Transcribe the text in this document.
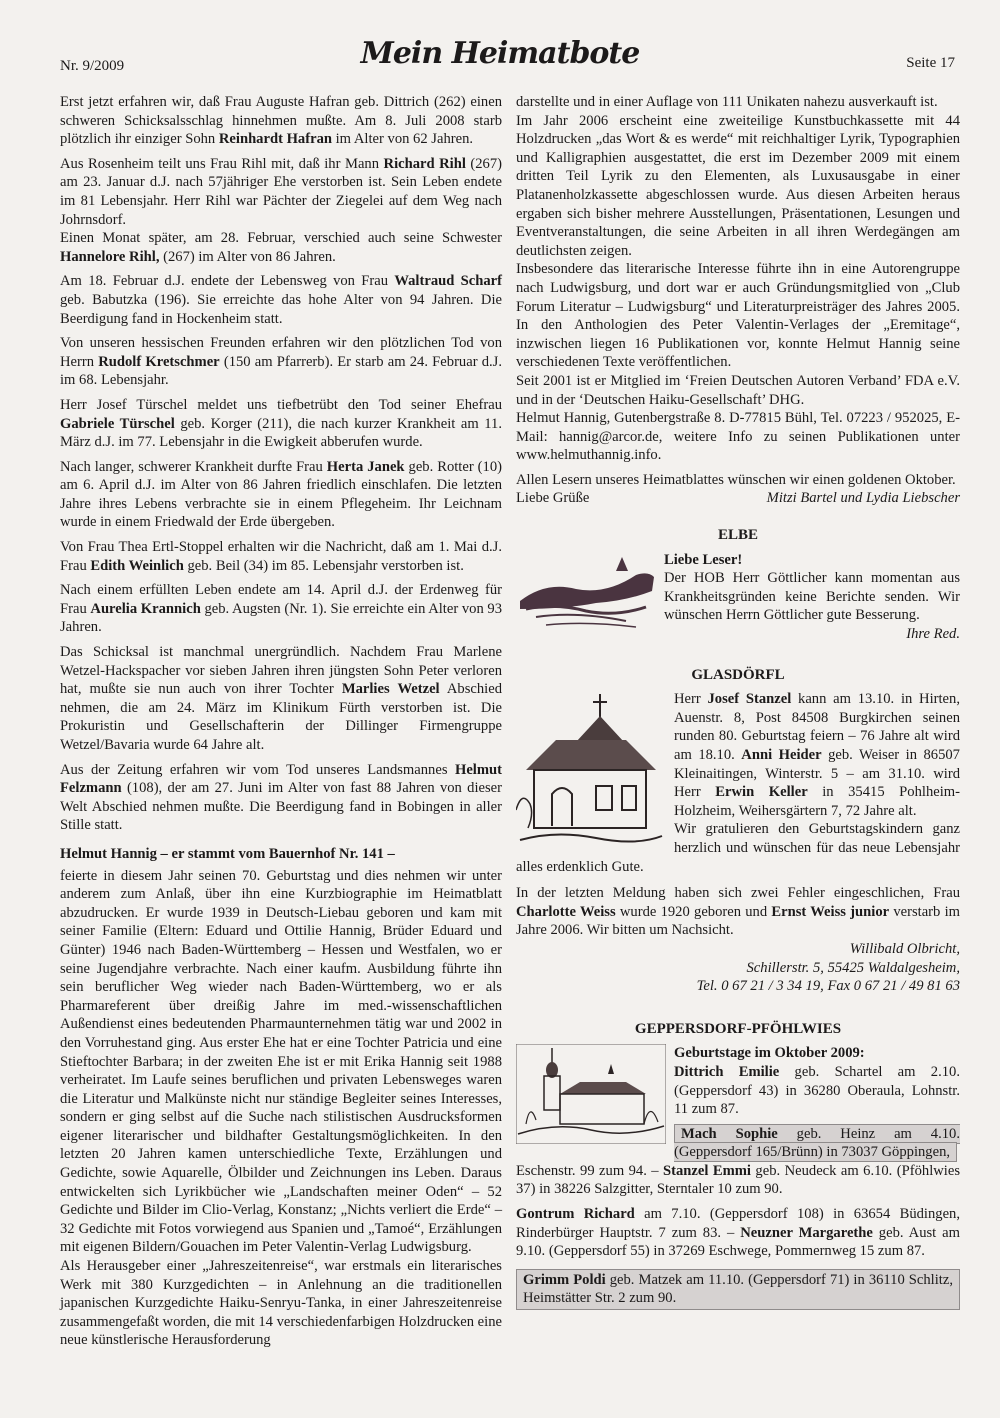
Nr. 9/2009	Mein Heimatbote	Seite 17

Erst jetzt erfahren wir, daß Frau Auguste Hafran geb. Dittrich (262) einen schweren Schicksalsschlag hinnehmen mußte. Am 8. Juli 2008 starb plötzlich ihr einziger Sohn Reinhardt Hafran im Alter von 62 Jahren.

Aus Rosenheim teilt uns Frau Rihl mit, daß ihr Mann Richard Rihl (267) am 23. Januar d.J. nach 57jähriger Ehe verstorben ist. Sein Leben endete im 81 Lebensjahr. Herr Rihl war Pächter der Ziegelei auf dem Weg nach Johrnsdorf.

Einen Monat später, am 28. Februar, verschied auch seine Schwester Hannelore Rihl, (267) im Alter von 86 Jahren.

Am 18. Februar d.J. endete der Lebensweg von Frau Waltraud Scharf geb. Babutzka (196). Sie erreichte das hohe Alter von 94 Jahren. Die Beerdigung fand in Hockenheim statt.

Von unseren hessischen Freunden erfahren wir den plötzlichen Tod von Herrn Rudolf Kretschmer (150 am Pfarrerb). Er starb am 24. Februar d.J. im 68. Lebensjahr.

Herr Josef Türschel meldet uns tiefbetrübt den Tod seiner Ehefrau Gabriele Türschel geb. Korger (211), die nach kurzer Krankheit am 11. März d.J. im 77. Lebensjahr in die Ewigkeit abberufen wurde.

Nach langer, schwerer Krankheit durfte Frau Herta Janek geb. Rotter (10) am 6. April d.J. im Alter von 86 Jahren friedlich einschlafen. Die letzten Jahre ihres Lebens verbrachte sie in einem Pflegeheim. Ihr Leichnam wurde in einem Friedwald der Erde übergeben.

Von Frau Thea Ertl-Stoppel erhalten wir die Nachricht, daß am 1. Mai d.J. Frau Edith Weinlich geb. Beil (34) im 85. Lebensjahr verstorben ist.

Nach einem erfüllten Leben endete am 14. April d.J. der Erdenweg für Frau Aurelia Krannich geb. Augsten (Nr. 1). Sie erreichte ein Alter von 93 Jahren.

Das Schicksal ist manchmal unergründlich. Nachdem Frau Marlene Wetzel-Hackspacher vor sieben Jahren ihren jüngsten Sohn Peter verloren hat, mußte sie nun auch von ihrer Tochter Marlies Wetzel Abschied nehmen, die am 24. März im Klinikum Fürth verstorben ist. Die Prokuristin und Gesellschafterin der Dillinger Firmengruppe Wetzel/Bavaria wurde 64 Jahre alt.

Aus der Zeitung erfahren wir vom Tod unseres Landsmannes Helmut Felzmann (108), der am 27. Juni im Alter von fast 88 Jahren von dieser Welt Abschied nehmen mußte. Die Beerdigung fand in Bobingen in aller Stille statt.

Helmut Hannig – er stammt vom Bauernhof Nr. 141 –

feierte in diesem Jahr seinen 70. Geburtstag und dies nehmen wir unter anderem zum Anlaß, über ihn eine Kurzbiographie im Heimatblatt abzudrucken. Er wurde 1939 in Deutsch-Liebau geboren und kam mit seiner Familie (Eltern: Eduard und Ottilie Hannig, Brüder Eduard und Günter) 1946 nach Baden-Württemberg – Hessen und Westfalen, wo er seine Jugendjahre verbrachte. Nach einer kaufm. Ausbildung führte ihn sein beruflicher Weg wieder nach Baden-Württemberg, wo er als Pharmareferent über dreißig Jahre im med.-wissenschaftlichen Außendienst eines bedeutenden Pharmaunternehmen tätig war und 2002 in den Vorruhestand ging. Aus erster Ehe hat er eine Tochter Patricia und eine Stieftochter Barbara; in der zweiten Ehe ist er mit Erika Hannig seit 1988 verheiratet. Im Laufe seines beruflichen und privaten Lebensweges waren die Literatur und Malkünste nicht nur ständige Begleiter seines Interesses, sondern er ging selbst auf die Suche nach stilistischen Ausdrucksformen eigener literarischer und bildhafter Gestaltungsmöglichkeiten. In den letzten 20 Jahren kamen unterschiedliche Texte, Erzählungen und Gedichte, sowie Aquarelle, Ölbilder und Zeichnungen ins Leben. Daraus entwickelten sich Lyrikbücher wie „Landschaften meiner Oden“ – 52 Gedichte und Bilder im Clio-Verlag, Konstanz; „Nichts verliert die Erde“ – 32 Gedichte mit Fotos vorwiegend aus Spanien und „Tamoé“, Erzählungen mit eigenen Bildern/Gouachen im Peter Valentin-Verlag Ludwigsburg.

Als Herausgeber einer „Jahreszeitenreise“, war erstmals ein literarisches Werk mit 380 Kurzgedichten – in Anlehnung an die traditionellen japanischen Kurzgedichte Haiku-Senryu-Tanka, in einer Jahreszeitenreise zusammengefaßt worden, die mit 14 verschiedenfarbigen Holzdrucken eine neue künstlerische Herausforderung

darstellte und in einer Auflage von 111 Unikaten nahezu ausverkauft ist.

Im Jahr 2006 erscheint eine zweiteilige Kunstbuchkassette mit 44 Holzdrucken „das Wort & es werde“ mit reichhaltiger Lyrik, Typographien und Kalligraphien ausgestattet, die erst im Dezember 2009 mit einem dritten Teil Lyrik zu den Elementen, als Luxusausgabe in einer Platanenholzkassette abgeschlossen wurde. Aus diesen Arbeiten heraus ergaben sich bisher mehrere Ausstellungen, Präsentationen, Lesungen und Eventveranstaltungen, die seine Arbeiten in all ihren Werdegängen am deutlichsten zeigen.

Insbesondere das literarische Interesse führte ihn in eine Autorengruppe nach Ludwigsburg, und dort war er auch Gründungsmitglied von „Club Forum Literatur – Ludwigsburg“ und Literaturpreisträger des Jahres 2005. In den Anthologien des Peter Valentin-Verlages der „Eremitage“, inzwischen liegen 16 Publikationen vor, konnte Helmut Hannig seine verschiedenen Texte veröffentlichen.

Seit 2001 ist er Mitglied im ‘Freien Deutschen Autoren Verband’ FDA e.V. und in der ‘Deutschen Haiku-Gesellschaft’ DHG.

Helmut Hannig, Gutenbergstraße 8. D-77815 Bühl, Tel. 07223 / 952025, E-Mail: hannig@arcor.de, weitere Info zu seinen Publikationen unter www.helmuthannig.info.

Allen Lesern unseres Heimatblattes wünschen wir einen goldenen Oktober.

Liebe Grüße	Mitzi Bartel und Lydia Liebscher
ELBE
Liebe Leser!
Der HOB Herr Göttlicher kann momentan aus Krankheitsgründen keine Berichte senden. Wir wünschen Herrn Göttlicher gute Besserung.
Ihre Red.
GLASDÖRFL
Herr Josef Stanzel kann am 13.10. in Hirten, Auenstr. 8, Post 84508 Burgkirchen seinen runden 80. Geburtstag feiern – 76 Jahre alt wird am 18.10. Anni Heider geb. Weiser in 86507 Kleinaitingen, Winterstr. 5 – am 31.10. wird Herr Erwin Keller in 35415 Pohlheim-Holzheim, Weihersgärtern 7, 72 Jahre alt.
Wir gratulieren den Geburtstagskindern ganz herzlich und wünschen für das neue Lebensjahr alles erdenklich Gute.
In der letzten Meldung haben sich zwei Fehler eingeschlichen, Frau Charlotte Weiss wurde 1920 geboren und Ernst Weiss junior verstarb im Jahre 2006. Wir bitten um Nachsicht.
Willibald Olbricht,
Schillerstr. 5, 55425 Waldalgesheim,
Tel. 0 67 21 / 3 34 19, Fax 0 67 21 / 49 81 63
GEPPERSDORF-PFÖHLWIES
Geburtstage im Oktober 2009:
Dittrich Emilie geb. Schartel am 2.10. (Geppersdorf 43) in 36280 Oberaula, Lohnstr. 11 zum 87.
Mach Sophie geb. Heinz am 4.10. (Geppersdorf 165/Brünn) in 73037 Göppingen,
Eschenstr. 99 zum 94. – Stanzel Emmi geb. Neudeck am 6.10. (Pföhlwies 37) in 38226 Salzgitter, Sterntaler 10 zum 90.
Gontrum Richard am 7.10. (Geppersdorf 108) in 63654 Büdingen, Rinderbürger Hauptstr. 7 zum 83. – Neuzner Margarethe geb. Aust am 9.10. (Geppersdorf 55) in 37269 Eschwege, Pommernweg 15 zum 87.
Grimm Poldi geb. Matzek am 11.10. (Geppersdorf 71) in 36110 Schlitz, Heimstätter Str. 2 zum 90.
